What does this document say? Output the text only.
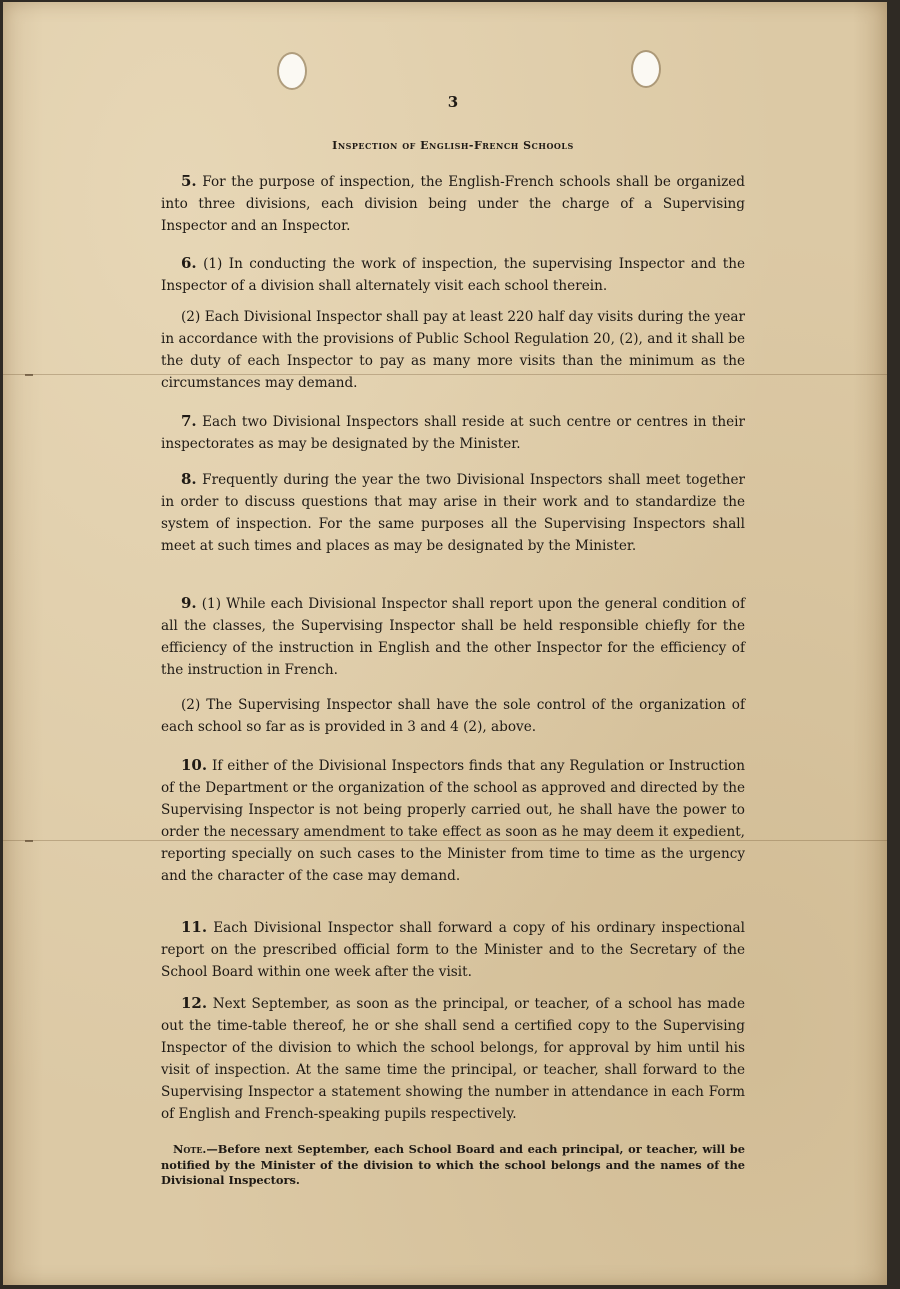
3
Inspection of English-French Schools

5. For the purpose of inspection, the English-French schools shall be organized into three divisions, each division being under the charge of a Supervising Inspector and an Inspector.

6. (1) In conducting the work of inspection, the supervising Inspector and the Inspector of a division shall alternately visit each school therein.

(2) Each Divisional Inspector shall pay at least 220 half day visits during the year in accordance with the provisions of Public School Regulation 20, (2), and it shall be the duty of each Inspector to pay as many more visits than the minimum as the circumstances may demand.

7. Each two Divisional Inspectors shall reside at such centre or centres in their inspectorates as may be designated by the Minister.

8. Frequently during the year the two Divisional Inspectors shall meet together in order to discuss questions that may arise in their work and to standardize the system of inspection. For the same purposes all the Supervising Inspectors shall meet at such times and places as may be designated by the Minister.

9. (1) While each Divisional Inspector shall report upon the general condition of all the classes, the Supervising Inspector shall be held responsible chiefly for the efficiency of the instruction in English and the other Inspector for the efficiency of the instruction in French.

(2) The Supervising Inspector shall have the sole control of the organization of each school so far as is provided in 3 and 4 (2), above.

10. If either of the Divisional Inspectors finds that any Regulation or Instruction of the Department or the organization of the school as approved and directed by the Supervising Inspector is not being properly carried out, he shall have the power to order the necessary amendment to take effect as soon as he may deem it expedient, reporting specially on such cases to the Minister from time to time as the urgency and the character of the case may demand.

11. Each Divisional Inspector shall forward a copy of his ordinary inspectional report on the prescribed official form to the Minister and to the Secretary of the School Board within one week after the visit.

12. Next September, as soon as the principal, or teacher, of a school has made out the time-table thereof, he or she shall send a certified copy to the Supervising Inspector of the division to which the school belongs, for approval by him until his visit of inspection. At the same time the principal, or teacher, shall forward to the Supervising Inspector a statement showing the number in attendance in each Form of English and French-speaking pupils respectively.

Note.—Before next September, each School Board and each principal, or teacher, will be notified by the Minister of the division to which the school belongs and the names of the Divisional Inspectors.
